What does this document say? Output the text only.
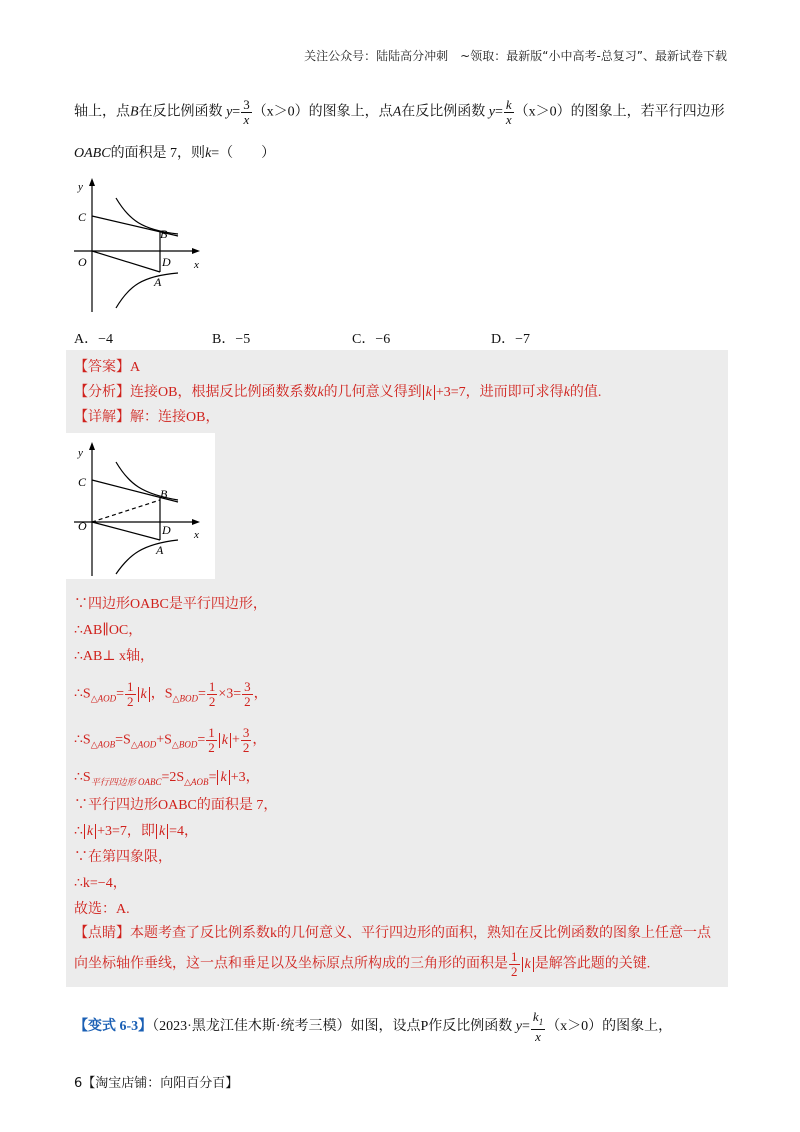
关注公众号：陆陆高分冲刺　~领取：最新版“小中高考-总复习”、最新试卷下载
轴上，点B在反比例函数 $y= \frac{3}{x} (x>0)$的图象上，点A在反比例函数 $y= \frac{k}{x} (x>0)$的图象上，若平行四边形
OABC的面积是 7，则k=（　　）
y
x
O
C
B
D
A
A．−4	B．−5	C．−6	D．−7
【答案】A
【分析】连接OB，根据反比例函数系数k的几何意义得到 k +3=7，进而即可求得k的值.
【详解】解：连接OB，
y
x
O
C
B
D
A
∵四边形OABC是平行四边形，
∴AB∥OC，
∴AB⊥ x轴，
$\therefore S_{\triangle AOD}= \frac{1}{2}$ k ，$S_{\triangle BOD}= \frac{1}{2} \times 3= \frac{3}{2}$ ，
$\therefore S_{\triangle AOB}=S_{\triangle AOD}+S_{\triangle BOD}= \frac{1}{2}$ $k + \frac{3}{2}$ ，
$\therefore S_{平行四边形 OABC}=2S_{\triangle AOB}= k +3$，
∵平行四边形OABC的面积是 7，
∴ k +3=7，即 k =4，
∵在第四象限，
∴k=−4，
故选：A.
【点睛】本题考查了反比例系数k的几何意义、平行四边形的面积，熟知在反比例函数的图象上任意一点
向坐标轴作垂线，这一点和垂足以及坐标原点所构成的三角形的面积是 $\frac{1}{2}$ k 是解答此题的关键.
【变式 6-3】（2023·黑龙江佳木斯·统考三模）如图，设点P作反比例函数 $y= \frac{k_1}{x} (x>0)$的图象上，
6【淘宝店铺：向阳百分百】
